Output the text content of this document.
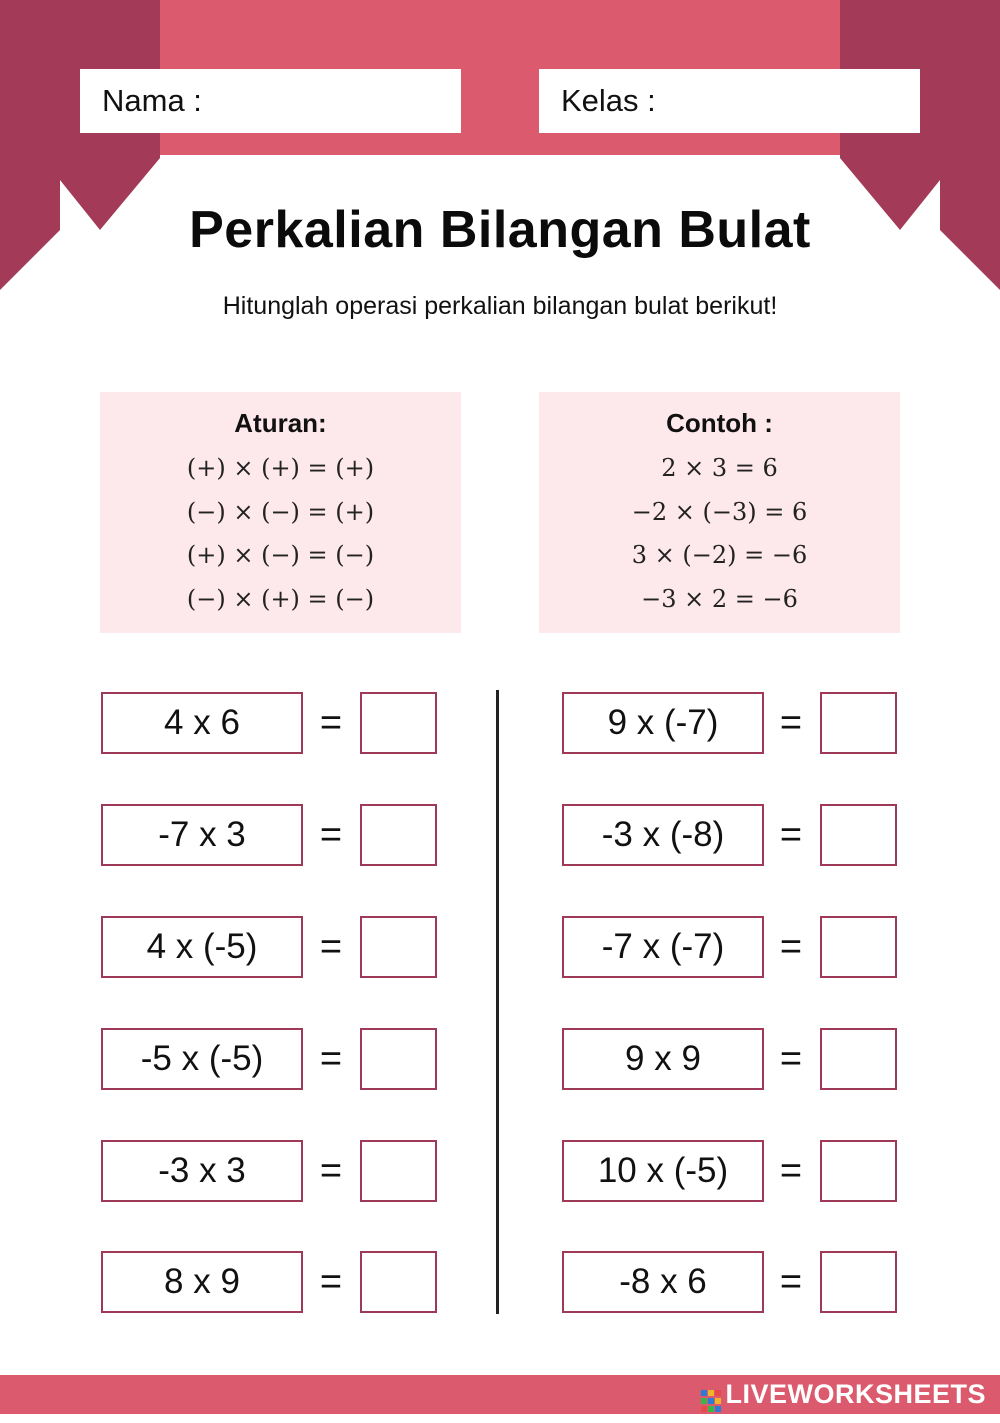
Nama :	Kelas :
Perkalian Bilangan Bulat
Hitunglah operasi perkalian bilangan bulat berikut!
Aturan:
(+) × (+) = (+)
(−) × (−) = (+)
(+) × (−) = (−)
(−) × (+) = (−)
Contoh :
2 × 3 = 6
−2 × (−3) = 6
3 × (−2) = −6
−3 × 2 = −6
4 x 6	=
-7 x 3	=
4 x (-5)	=
-5 x (-5)	=
-3 x 3	=
8 x 9	=
9 x (-7)	=
-3 x (-8)	=
-7 x (-7)	=
9 x 9	=
10 x (-5)	=
-8 x 6	=
LIVEWORKSHEETS
